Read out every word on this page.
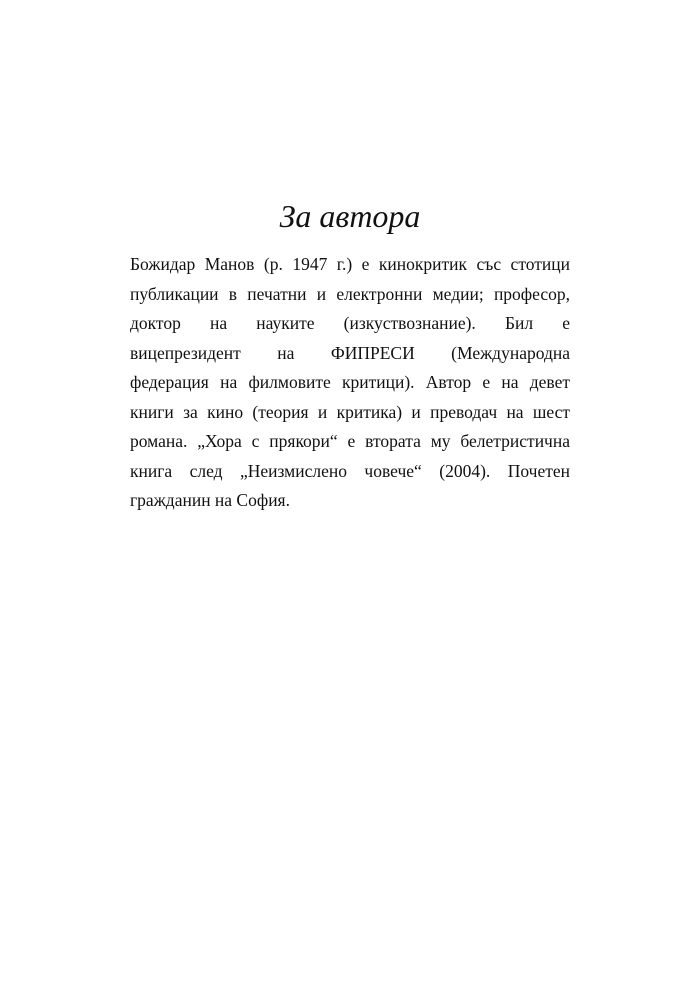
За автора
Божидар Манов (р. 1947 г.) е кинокритик със стотици
публикации в печатни и електронни медии; професор,
доктор на науките (изкуствознание). Бил е
вицепрезидент на ФИПРЕСИ (Международна
федерация на филмовите критици). Автор е на девет
книги за кино (теория и критика) и преводач на шест
романа. „Хора с прякори“ е втората му белетристична
книга след „Неизмислено човече“ (2004). Почетен
гражданин на София.
